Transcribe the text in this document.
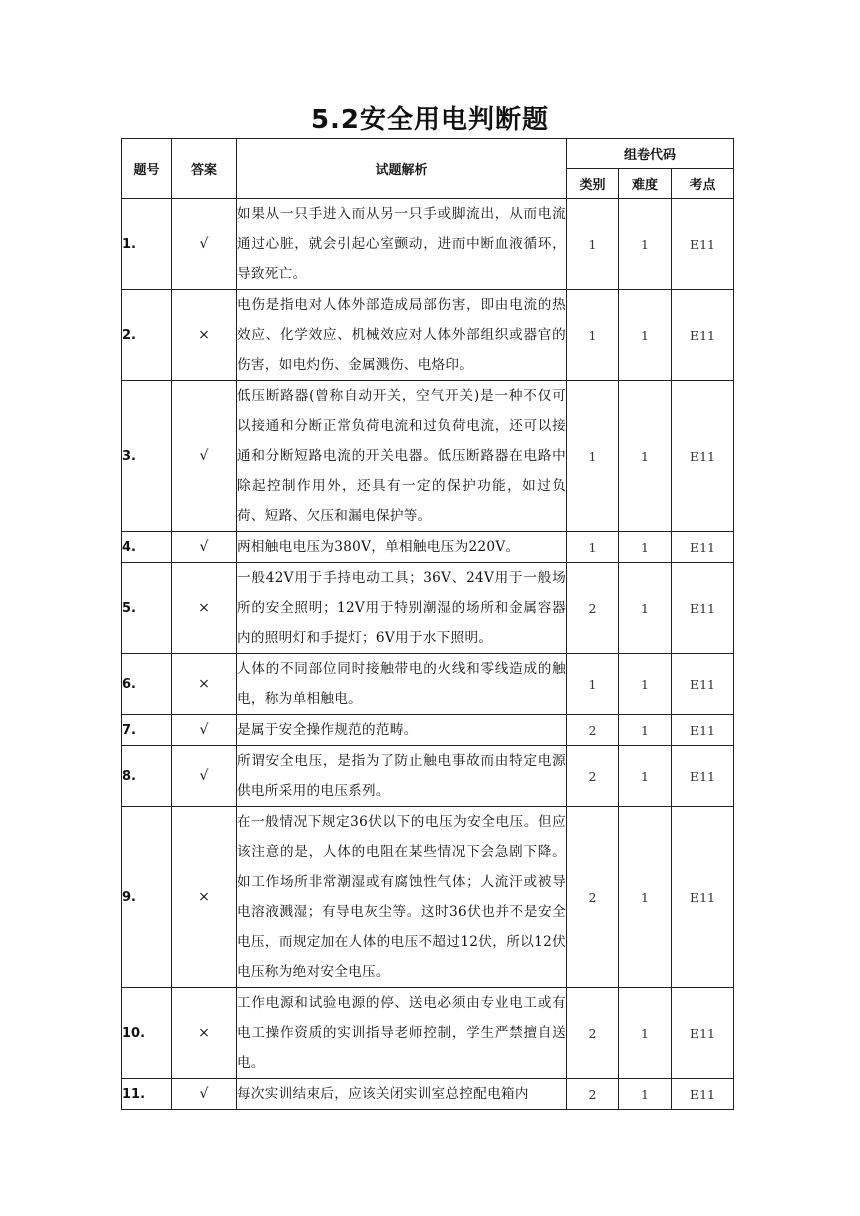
5.2安全用电判断题
题号	答案	试题解析	组卷代码		
			类别	难度	考点

1.	√	如果从一只手进入而从另一只手或脚流出，从而电流通过心脏，就会引起心室颤动，进而中断血液循环，导致死亡。	1	1	E11
2.	×	电伤是指电对人体外部造成局部伤害，即由电流的热效应、化学效应、机械效应对人体外部组织或器官的伤害，如电灼伤、金属溅伤、电烙印。	1	1	E11
3.	√	低压断路器(曾称自动开关，空气开关)是一种不仅可以接通和分断正常负荷电流和过负荷电流，还可以接通和分断短路电流的开关电器。低压断路器在电路中除起控制作用外，还具有一定的保护功能，如过负荷、短路、欠压和漏电保护等。	1	1	E11
4.	√	两相触电电压为380V，单相触电压为220V。	1	1	E11
5.	×	一般42V用于手持电动工具；36V、24V用于一般场所的安全照明；12V用于特别潮湿的场所和金属容器内的照明灯和手提灯；6V用于水下照明。	2	1	E11
6.	×	人体的不同部位同时接触带电的火线和零线造成的触电，称为单相触电。	1	1	E11
7.	√	是属于安全操作规范的范畴。	2	1	E11
8.	√	所谓安全电压，是指为了防止触电事故而由特定电源供电所采用的电压系列。	2	1	E11
9.	×	在一般情况下规定36伏以下的电压为安全电压。但应该注意的是，人体的电阻在某些情况下会急剧下降。如工作场所非常潮湿或有腐蚀性气体；人流汗或被导电溶液溅湿；有导电灰尘等。这时36伏也并不是安全电压，而规定加在人体的电压不超过12伏，所以12伏电压称为绝对安全电压。	2	1	E11
10.	×	工作电源和试验电源的停、送电必须由专业电工或有电工操作资质的实训指导老师控制，学生严禁擅自送电。	2	1	E11
11.	√	每次实训结束后，应该关闭实训室总控配电箱内	2	1	E11
